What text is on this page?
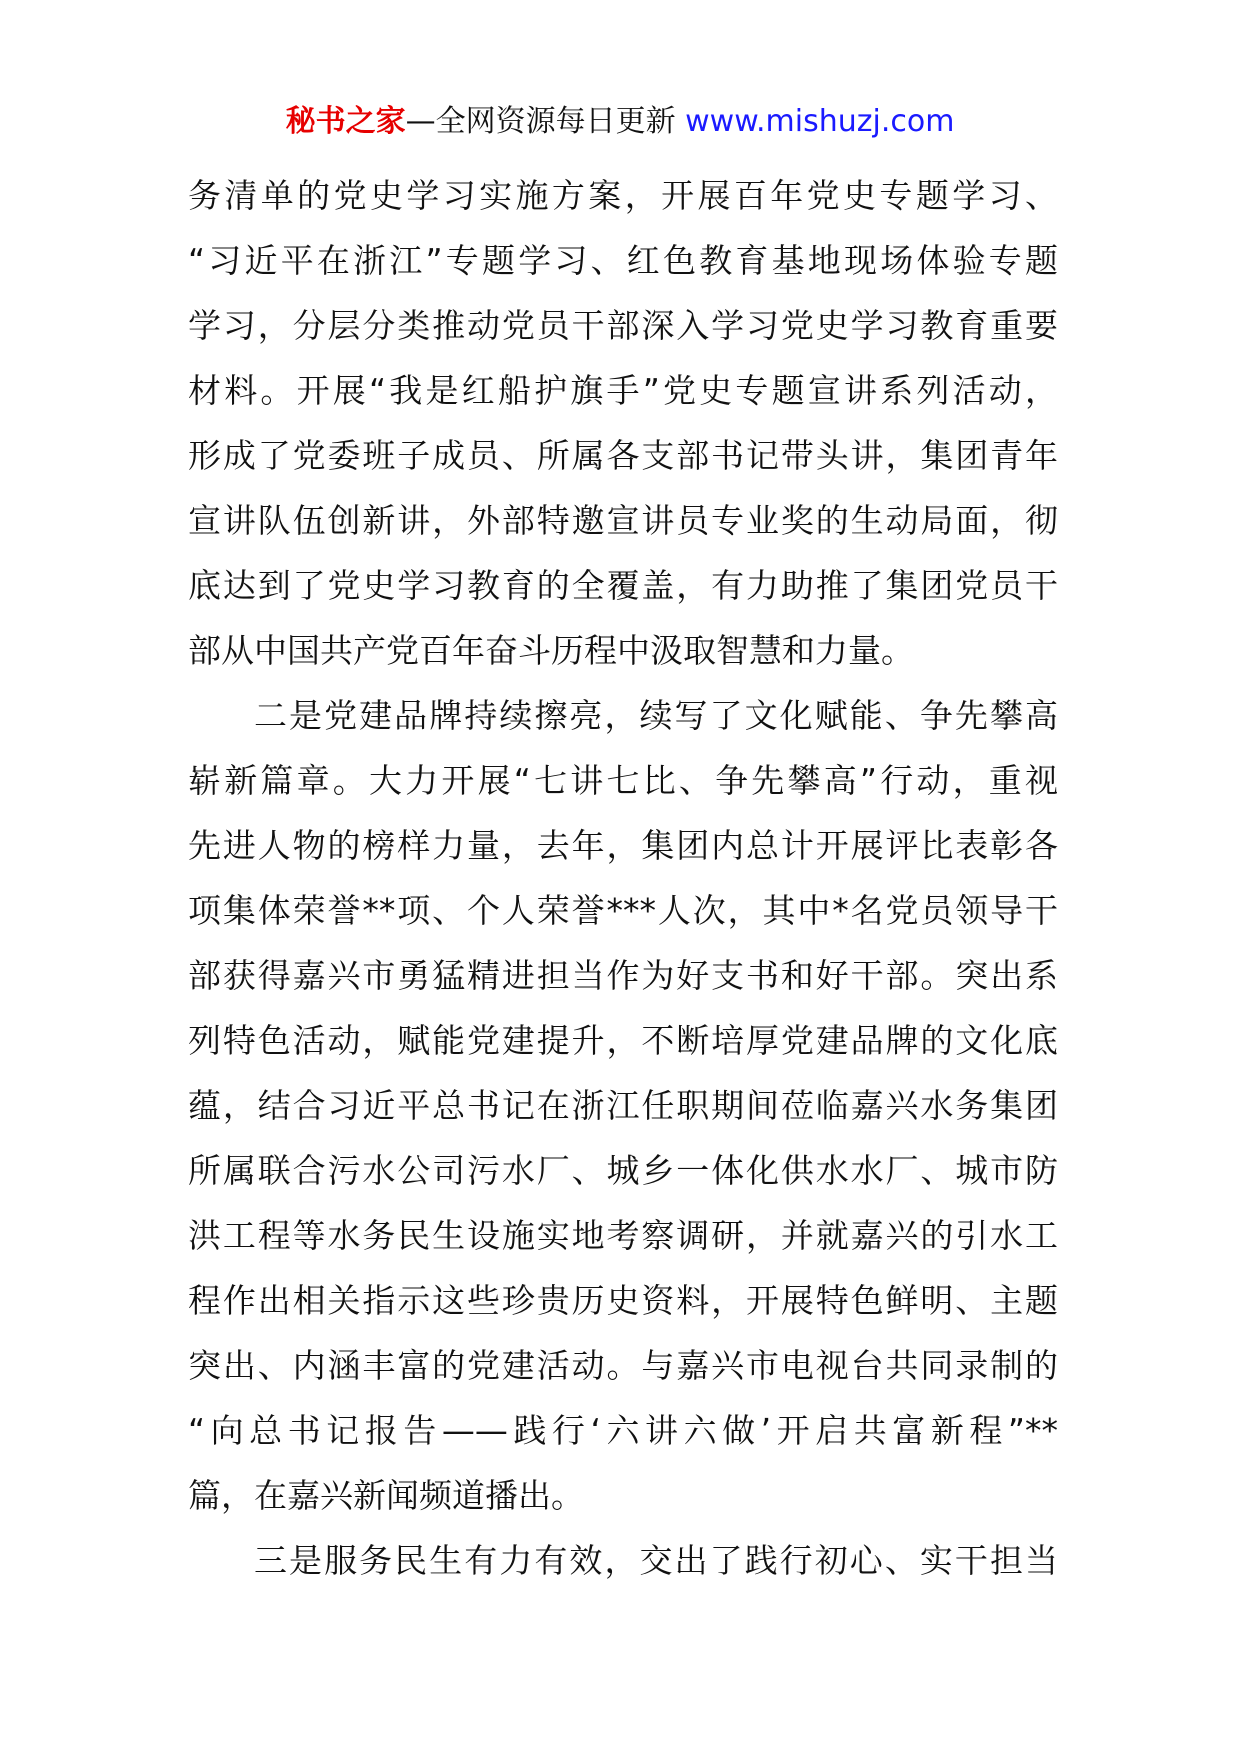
秘书之家—全网资源每日更新 www.mishuzj.com
务清单的党史学习实施方案，开展百年党史专题学习、
“习近平在浙江”专题学习、红色教育基地现场体验专题
学习，分层分类推动党员干部深入学习党史学习教育重要
材料。开展“我是红船护旗手”党史专题宣讲系列活动，
形成了党委班子成员、所属各支部书记带头讲，集团青年
宣讲队伍创新讲，外部特邀宣讲员专业奖的生动局面，彻
底达到了党史学习教育的全覆盖，有力助推了集团党员干
部从中国共产党百年奋斗历程中汲取智慧和力量。
二是党建品牌持续擦亮，续写了文化赋能、争先攀高
崭新篇章。大力开展“七讲七比、争先攀高”行动，重视
先进人物的榜样力量，去年，集团内总计开展评比表彰各
项集体荣誉**项、个人荣誉***人次，其中*名党员领导干
部获得嘉兴市勇猛精进担当作为好支书和好干部。突出系
列特色活动，赋能党建提升，不断培厚党建品牌的文化底
蕴，结合习近平总书记在浙江任职期间莅临嘉兴水务集团
所属联合污水公司污水厂、城乡一体化供水水厂、城市防
洪工程等水务民生设施实地考察调研，并就嘉兴的引水工
程作出相关指示这些珍贵历史资料，开展特色鲜明、主题
突出、内涵丰富的党建活动。与嘉兴市电视台共同录制的
“向总书记报告——践行‘六讲六做’开启共富新程”**
篇，在嘉兴新闻频道播出。
三是服务民生有力有效，交出了践行初心、实干担当
